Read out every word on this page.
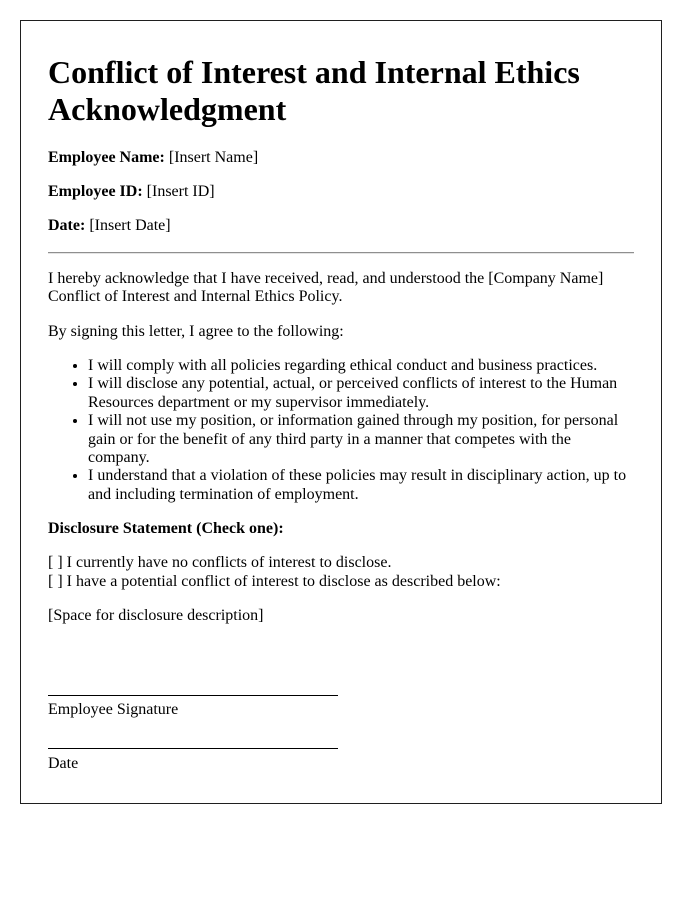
Conflict of Interest and Internal Ethics Acknowledgment

Employee Name: [Insert Name]

Employee ID: [Insert ID]

Date: [Insert Date]

I hereby acknowledge that I have received, read, and understood the [Company Name] Conflict of Interest and Internal Ethics Policy.

By signing this letter, I agree to the following:

• I will comply with all policies regarding ethical conduct and business practices.
• I will disclose any potential, actual, or perceived conflicts of interest to the Human Resources department or my supervisor immediately.
• I will not use my position, or information gained through my position, for personal gain or for the benefit of any third party in a manner that competes with the company.
• I understand that a violation of these policies may result in disciplinary action, up to and including termination of employment.

Disclosure Statement (Check one):

[ ] I currently have no conflicts of interest to disclose.
[ ] I have a potential conflict of interest to disclose as described below:

[Space for disclosure description]

Employee Signature

Date
